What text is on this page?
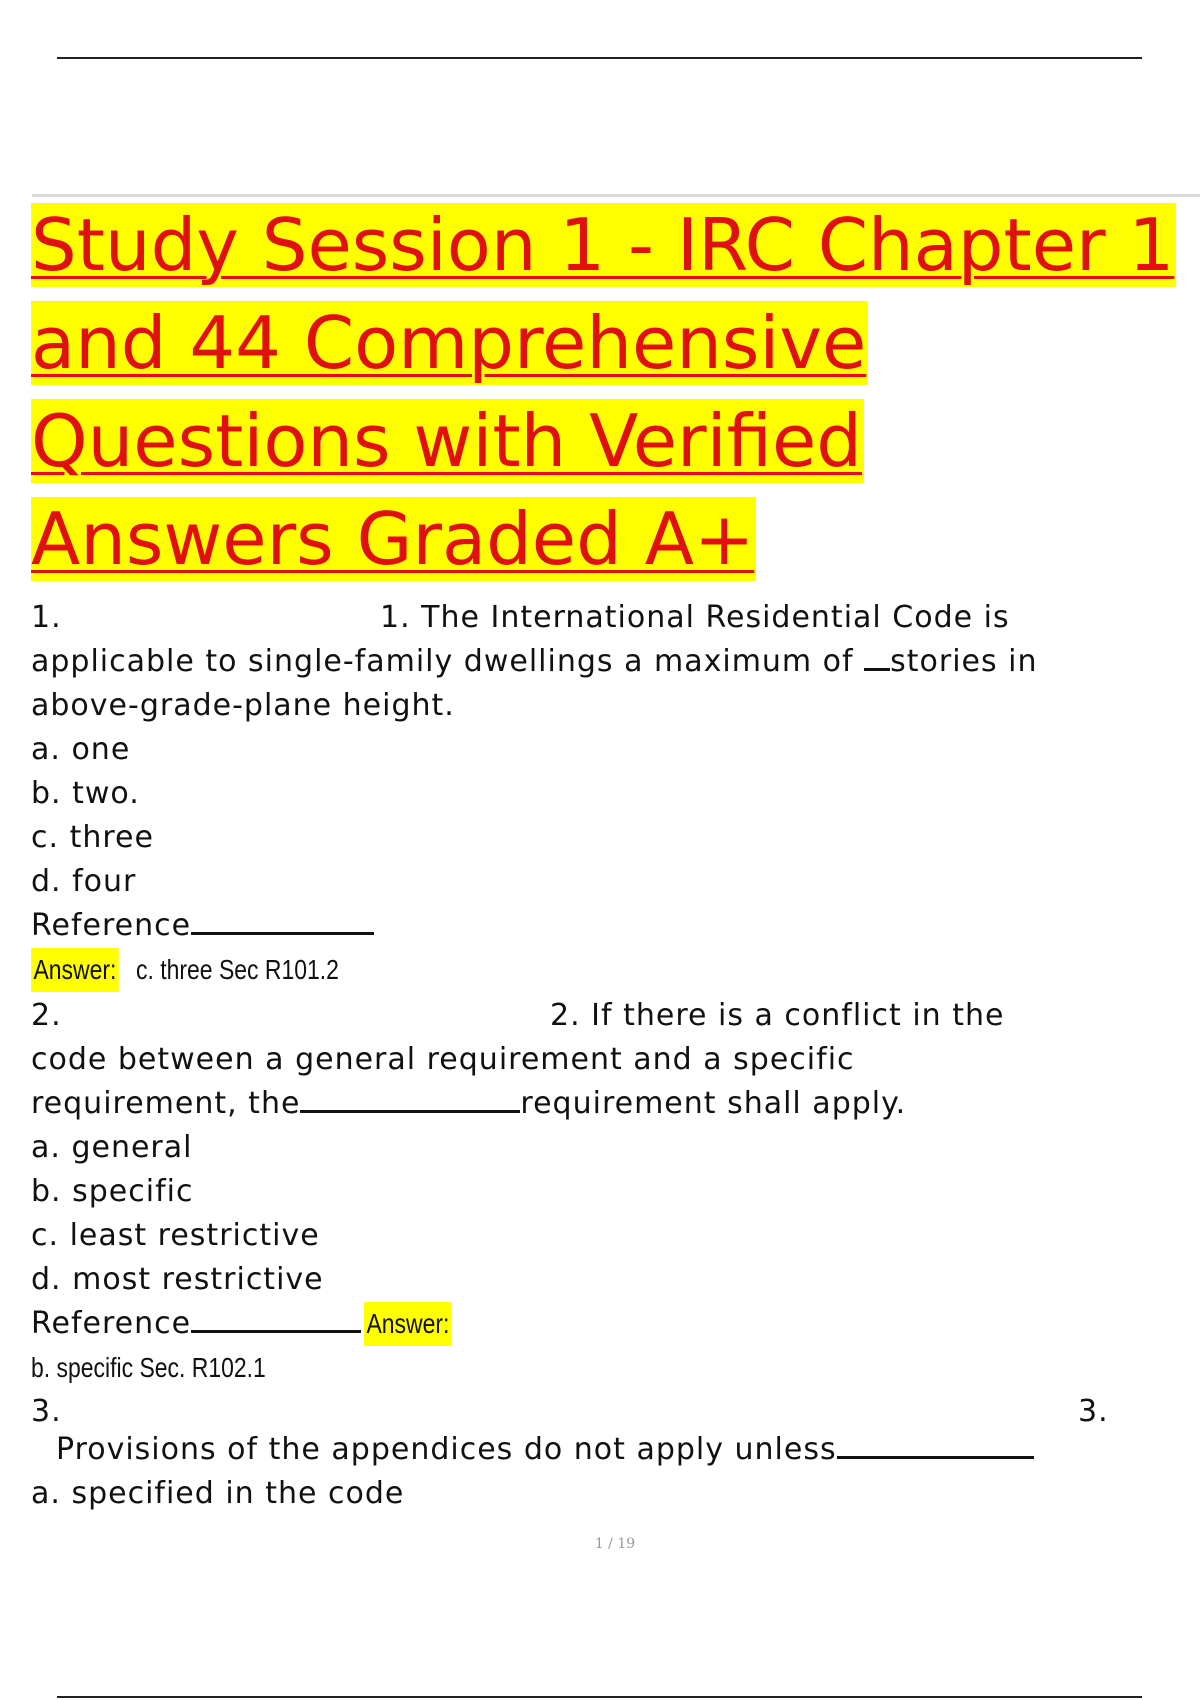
Study Session 1 - IRC Chapter 1
and 44 Comprehensive
Questions with Verified
Answers Graded A+
1.	1. The International Residential Code is
applicable to single-family dwellings a maximum of stories in
above-grade-plane height.
a. one
b. two.
c. three
d. four
Reference
Answer: c. three Sec R101.2
2.	2. If there is a conflict in the
code between a general requirement and a specific
requirement, the	requirement shall apply.
a. general
b. specific
c. least restrictive
d. most restrictive
Reference	Answer:
b. specific Sec. R102.1
3.	3.
Provisions of the appendices do not apply unless
a. specified in the code
1 / 19
